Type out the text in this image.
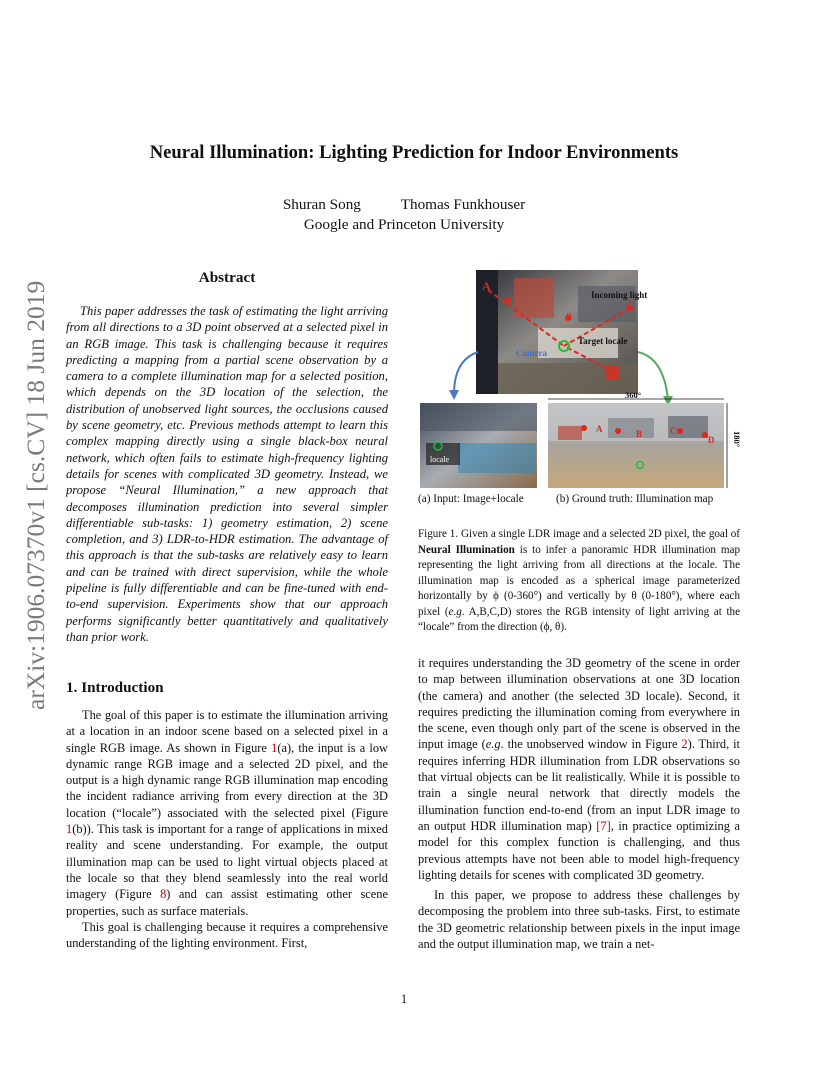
arXiv:1906.07370v1 [cs.CV] 18 Jun 2019
Neural Illumination: Lighting Prediction for Indoor Environments
Shuran Song	Thomas Funkhouser
Google and Princeton University
Abstract

This paper addresses the task of estimating the light arriving from all directions to a 3D point observed at a selected pixel in an RGB image. This task is challenging because it requires predicting a mapping from a partial scene observation by a camera to a complete illumination map for a selected position, which depends on the 3D location of the selection, the distribution of unobserved light sources, the occlusions caused by scene geometry, etc. Previous methods attempt to learn this complex mapping directly using a single black-box neural network, which often fails to estimate high-frequency lighting details for scenes with complicated 3D geometry. Instead, we propose “Neural Illumination,” a new approach that decomposes illumination prediction into several simpler differentiable sub-tasks: 1) geometry estimation, 2) scene completion, and 3) LDR-to-HDR estimation. The advantage of this approach is that the sub-tasks are relatively easy to learn and can be trained with direct supervision, while the whole pipeline is fully differentiable and can be fine-tuned with end-to-end supervision. Experiments show that our approach performs significantly better quantitatively and qualitatively than prior work.

1. Introduction

The goal of this paper is to estimate the illumination arriving at a location in an indoor scene based on a selected pixel in a single RGB image. As shown in Figure 1(a), the input is a low dynamic range RGB image and a selected 2D pixel, and the output is a high dynamic range RGB illumination map encoding the incident radiance arriving from every direction at the 3D location (“locale”) associated with the selected pixel (Figure 1(b)). This task is important for a range of applications in mixed reality and scene understanding. For example, the output illumination map can be used to light virtual objects placed at the locale so that they blend seamlessly into the real world imagery (Figure 8) and can assist estimating other scene properties, such as surface materials.

This goal is challenging because it requires a comprehensive understanding of the lighting environment. First,

A
B
C
D
Incoming light
Target locale
Camera
locale
360°
A	B	C
D 180°
(a) Input: Image+locale	(b) Ground truth: Illumination map

Figure 1. Given a single LDR image and a selected 2D pixel, the goal of Neural Illumination is to infer a panoramic HDR illumination map representing the light arriving from all directions at the locale. The illumination map is encoded as a spherical image parameterized horizontally by ϕ (0-360°) and vertically by θ (0-180°), where each pixel (e.g. A,B,C,D) stores the RGB intensity of light arriving at the “locale” from the direction (ϕ, θ).

it requires understanding the 3D geometry of the scene in order to map between illumination observations at one 3D location (the camera) and another (the selected 3D locale). Second, it requires predicting the illumination coming from everywhere in the scene, even though only part of the scene is observed in the input image (e.g. the unobserved window in Figure 2). Third, it requires inferring HDR illumination from LDR observations so that virtual objects can be lit realistically. While it is possible to train a single neural network that directly models the illumination function end-to-end (from an input LDR image to an output HDR illumination map) [7], in practice optimizing a model for this complex function is challenging, and thus previous attempts have not been able to model high-frequency lighting details for scenes with complicated 3D geometry.

In this paper, we propose to address these challenges by decomposing the problem into three sub-tasks. First, to estimate the 3D geometric relationship between pixels in the input image and the output illumination map, we train a net-

1
